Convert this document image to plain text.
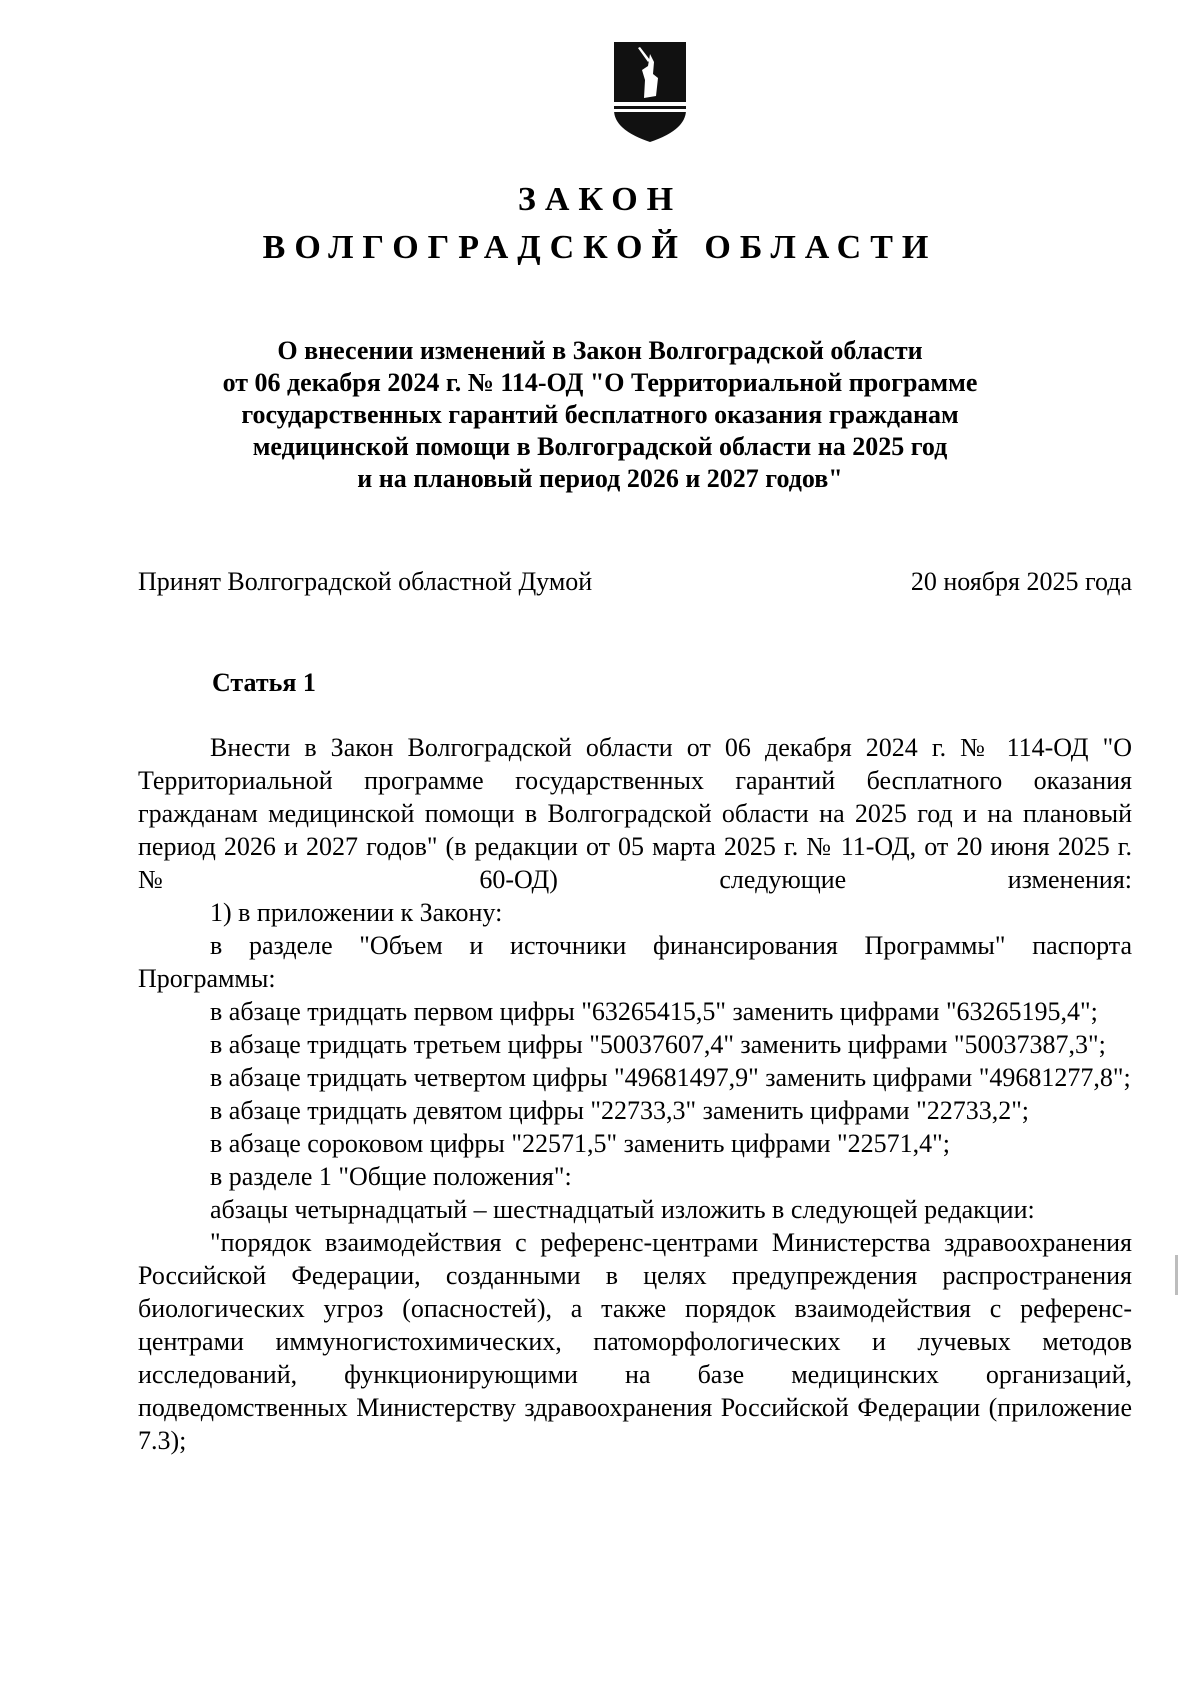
ЗАКОН
ВОЛГОГРАДСКОЙ ОБЛАСТИ
О внесении изменений в Закон Волгоградской области
от 06 декабря 2024 г. № 114-ОД "О Территориальной программе
государственных гарантий бесплатного оказания гражданам
медицинской помощи в Волгоградской области на 2025 год
и на плановый период 2026 и 2027 годов"
Принят Волгоградской областной Думой	20 ноября 2025 года
Статья 1

Внести в Закон Волгоградской области от 06 декабря 2024 г. № 114-ОД "О Территориальной программе государственных гарантий бесплатного оказания гражданам медицинской помощи в Волгоградской области на 2025 год и на плановый период 2026 и 2027 годов" (в редакции от 05 марта 2025 г. № 11-ОД, от 20 июня 2025 г. № 60-ОД) следующие изменения:

1) в приложении к Закону:

в разделе "Объем и источники финансирования Программы" паспорта Программы:

в абзаце тридцать первом цифры "63265415,5" заменить цифрами "63265195,4";

в абзаце тридцать третьем цифры "50037607,4" заменить цифрами "50037387,3";

в абзаце тридцать четвертом цифры "49681497,9" заменить цифрами "49681277,8";

в абзаце тридцать девятом цифры "22733,3" заменить цифрами "22733,2";

в абзаце сороковом цифры "22571,5" заменить цифрами "22571,4";

в разделе 1 "Общие положения":

абзацы четырнадцатый – шестнадцатый изложить в следующей редакции:

"порядок взаимодействия с референс-центрами Министерства здравоохранения Российской Федерации, созданными в целях предупреждения распространения биологических угроз (опасностей), а также порядок взаимодействия с референс-центрами иммуногистохимических, патоморфологических и лучевых методов исследований, функционирующими на базе медицинских организаций, подведомственных Министерству здравоохранения Российской Федерации (приложение 7.3);
